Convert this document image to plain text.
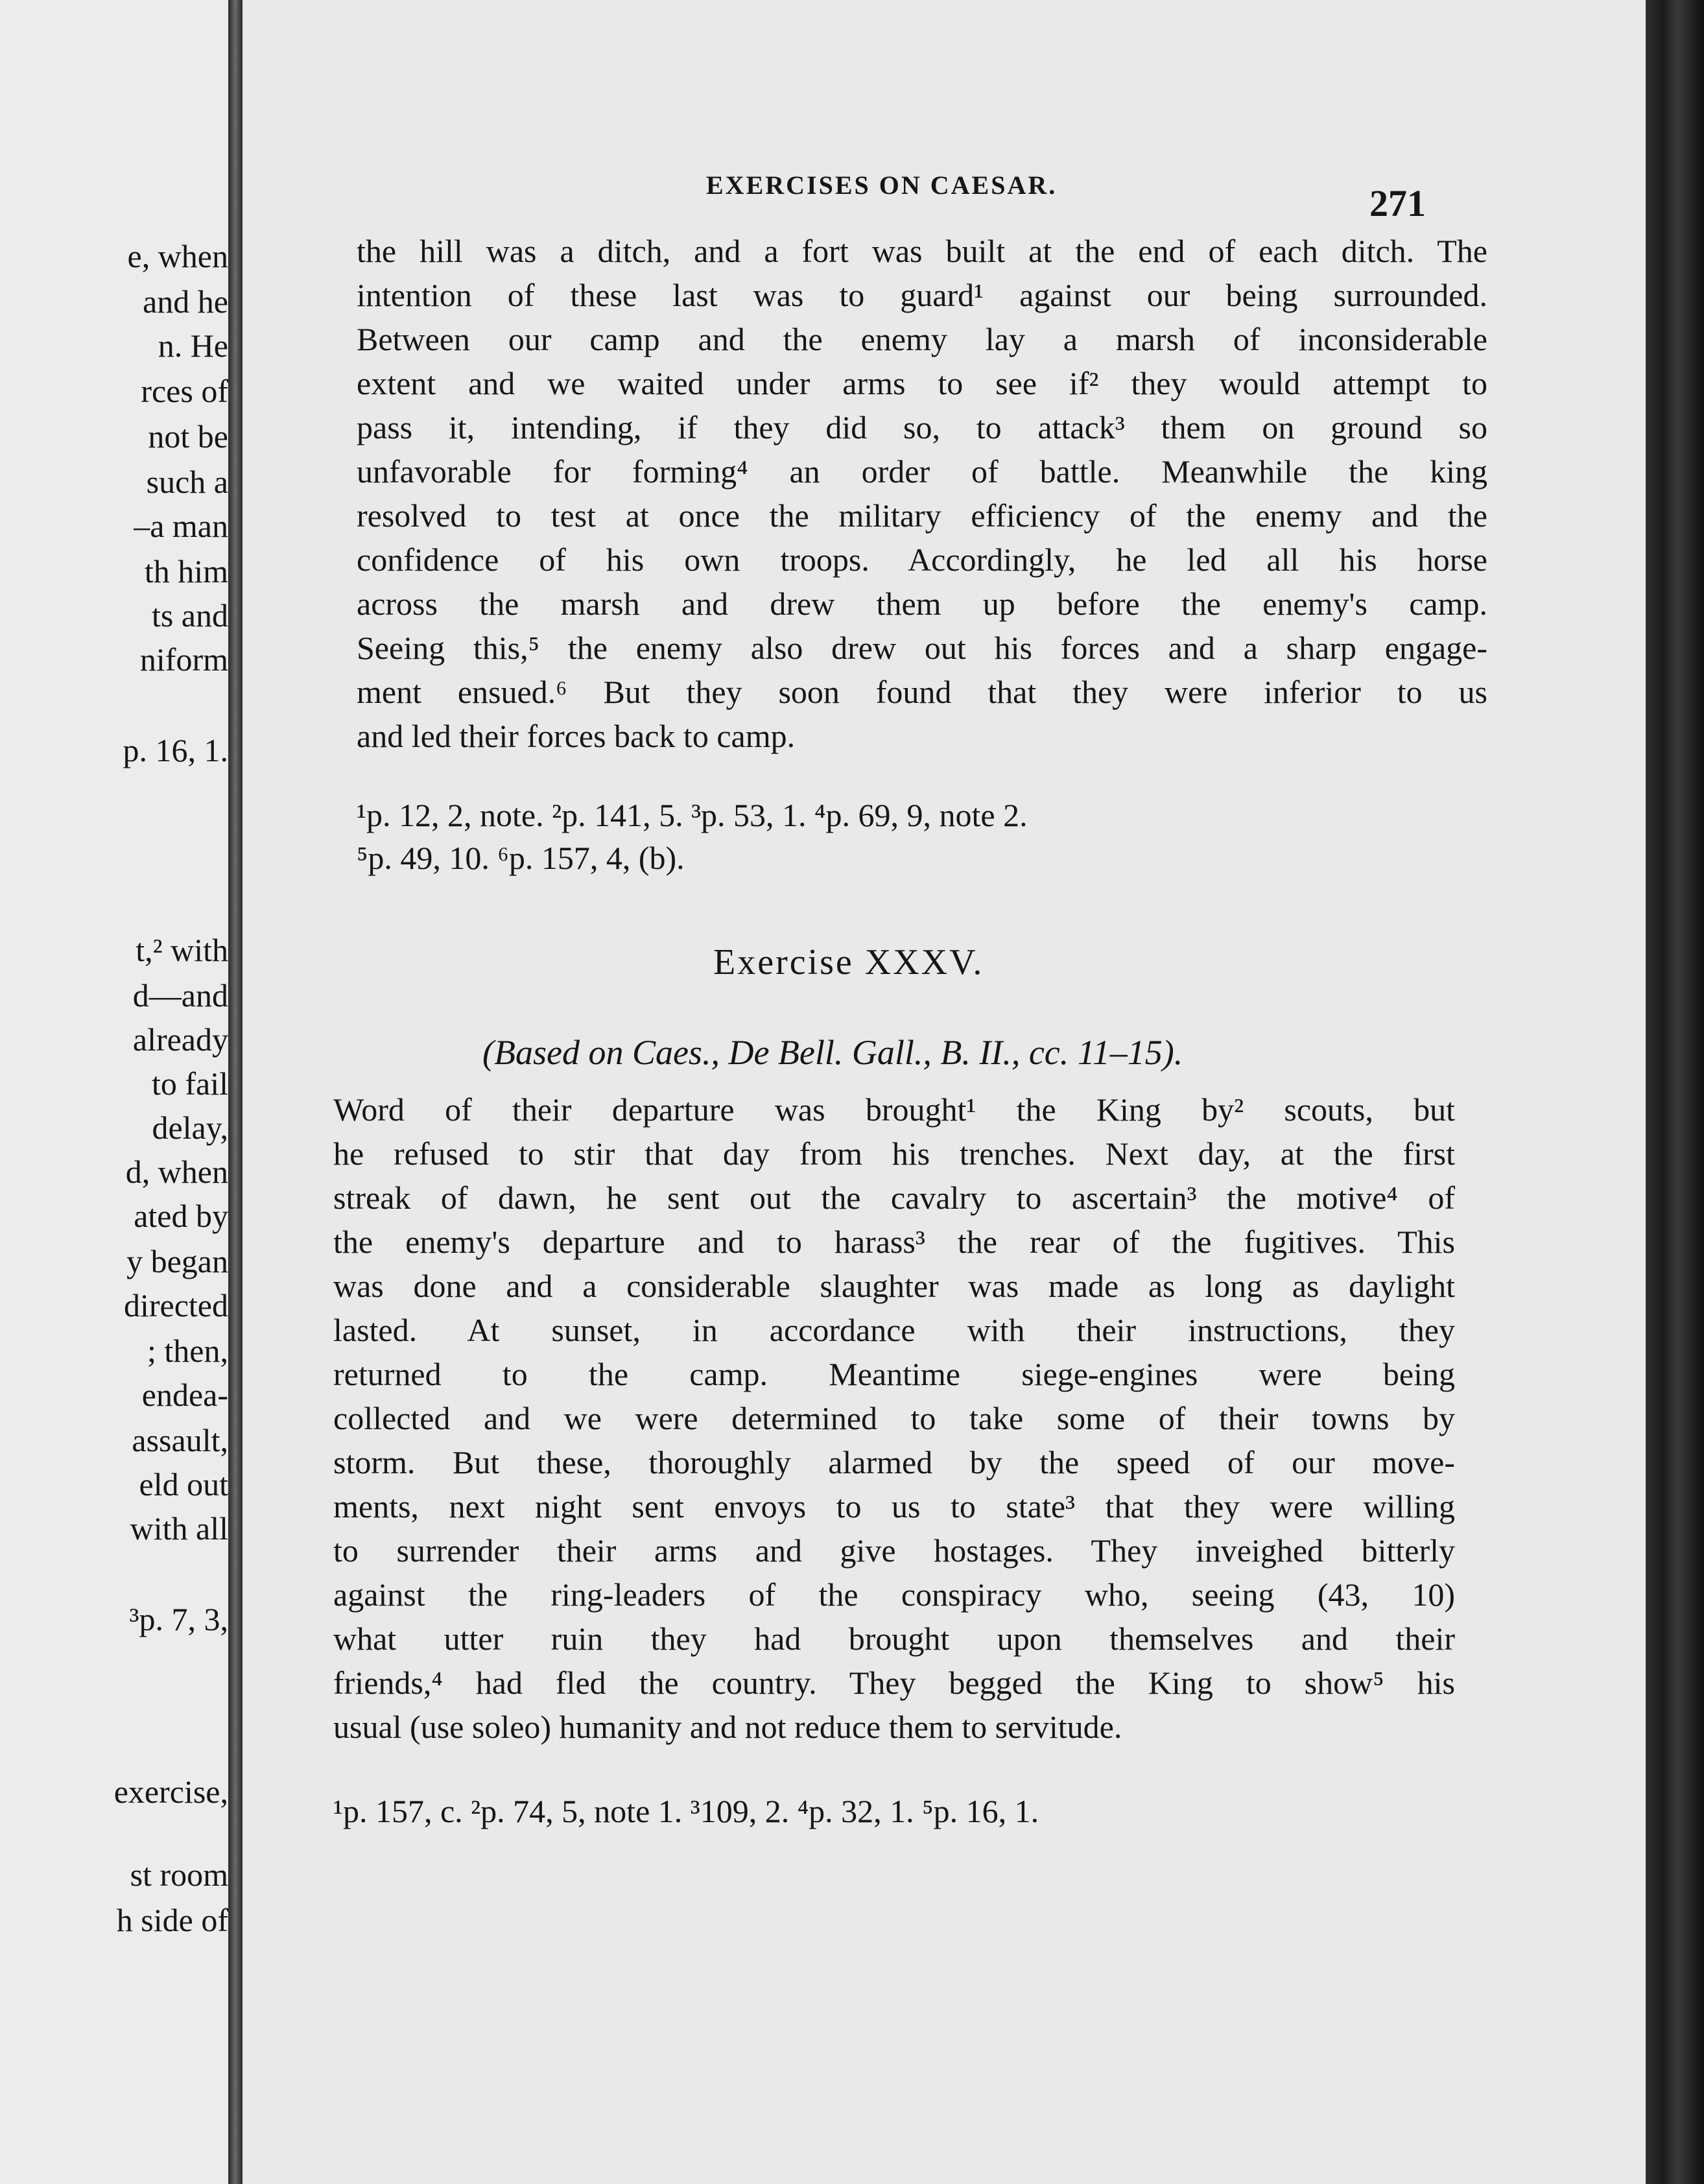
e, when
and he
n. He
rces of
not be
such a
–a man
th him
ts and
niform
p. 16, 1.
t,² with
d—and
already
to fail
delay,
d, when
ated by
y began
directed
; then,
endea-
assault,
eld out
with all
³p. 7, 3,
exercise,
st room
h side of
EXERCISES ON CAESAR.	271
the hill was a ditch, and a fort was built at the end of each ditch. The
intention of these last was to guard¹ against our being surrounded.
Between our camp and the enemy lay a marsh of inconsiderable
extent and we waited under arms to see if² they would attempt to
pass it, intending, if they did so, to attack³ them on ground so
unfavorable for forming⁴ an order of battle. Meanwhile the king
resolved to test at once the military efficiency of the enemy and the
confidence of his own troops. Accordingly, he led all his horse
across the marsh and drew them up before the enemy's camp.
Seeing this,⁵ the enemy also drew out his forces and a sharp engage-
ment ensued.⁶ But they soon found that they were inferior to us
and led their forces back to camp.
¹p. 12, 2, note. ²p. 141, 5. ³p. 53, 1. ⁴p. 69, 9, note 2.
⁵p. 49, 10. ⁶p. 157, 4, (b).
Exercise XXXV.
(Based on Caes., De Bell. Gall., B. II., cc. 11–15).
Word of their departure was brought¹ the King by² scouts, but
he refused to stir that day from his trenches. Next day, at the first
streak of dawn, he sent out the cavalry to ascertain³ the motive⁴ of
the enemy's departure and to harass³ the rear of the fugitives. This
was done and a considerable slaughter was made as long as daylight
lasted. At sunset, in accordance with their instructions, they
returned to the camp. Meantime siege-engines were being
collected and we were determined to take some of their towns by
storm. But these, thoroughly alarmed by the speed of our move-
ments, next night sent envoys to us to state³ that they were willing
to surrender their arms and give hostages. They inveighed bitterly
against the ring-leaders of the conspiracy who, seeing (43, 10)
what utter ruin they had brought upon themselves and their
friends,⁴ had fled the country. They begged the King to show⁵ his
usual (use soleo) humanity and not reduce them to servitude.
¹p. 157, c. ²p. 74, 5, note 1. ³109, 2. ⁴p. 32, 1. ⁵p. 16, 1.
